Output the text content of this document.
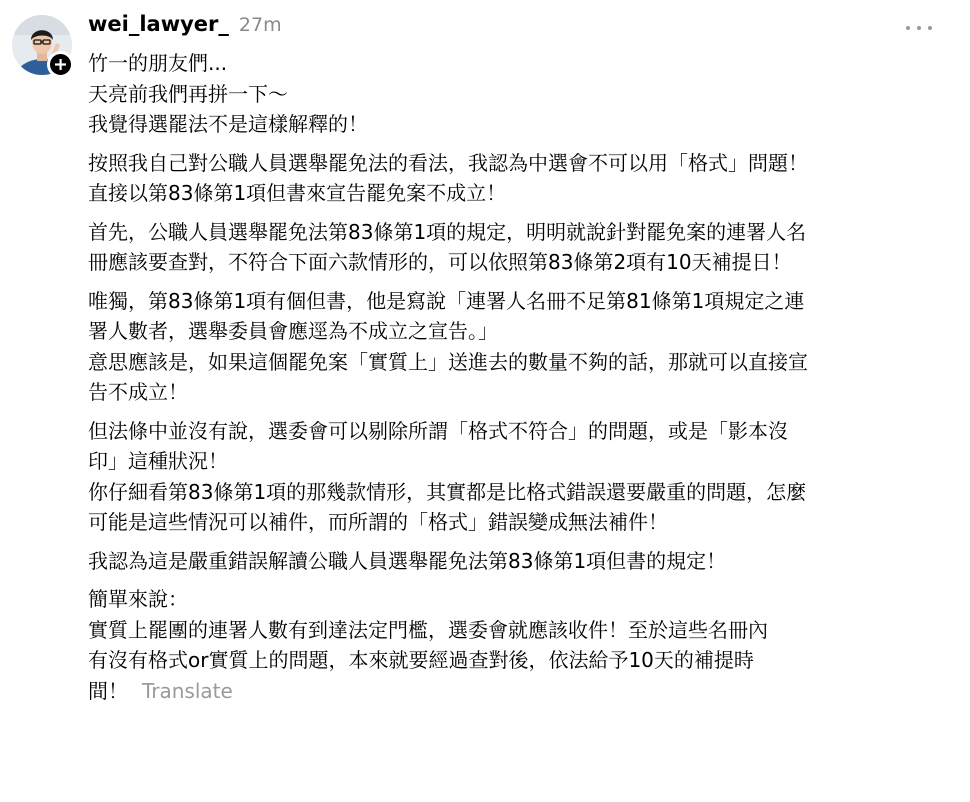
wei_lawyer_ 27m
竹一的朋友們...
天亮前我們再拼一下～
我覺得選罷法不是這樣解釋的！
按照我自己對公職人員選舉罷免法的看法，我認為中選會不可以用「格式」問題！
直接以第83條第1項但書來宣告罷免案不成立！
首先，公職人員選舉罷免法第83條第1項的規定，明明就說針對罷免案的連署人名
冊應該要查對，不符合下面六款情形的，可以依照第83條第2項有10天補提日！
唯獨，第83條第1項有個但書，他是寫說「連署人名冊不足第81條第1項規定之連
署人數者，選舉委員會應逕為不成立之宣告。」
意思應該是，如果這個罷免案「實質上」送進去的數量不夠的話，那就可以直接宣
告不成立！
但法條中並沒有說，選委會可以剔除所謂「格式不符合」的問題，或是「影本沒
印」這種狀況！
你仔細看第83條第1項的那幾款情形，其實都是比格式錯誤還要嚴重的問題，怎麼
可能是這些情況可以補件，而所謂的「格式」錯誤變成無法補件！
我認為這是嚴重錯誤解讀公職人員選舉罷免法第83條第1項但書的規定！
簡單來說：
實質上罷團的連署人數有到達法定門檻，選委會就應該收件！至於這些名冊內
有沒有格式or實質上的問題，本來就要經過查對後，依法給予10天的補提時
間！ Translate
